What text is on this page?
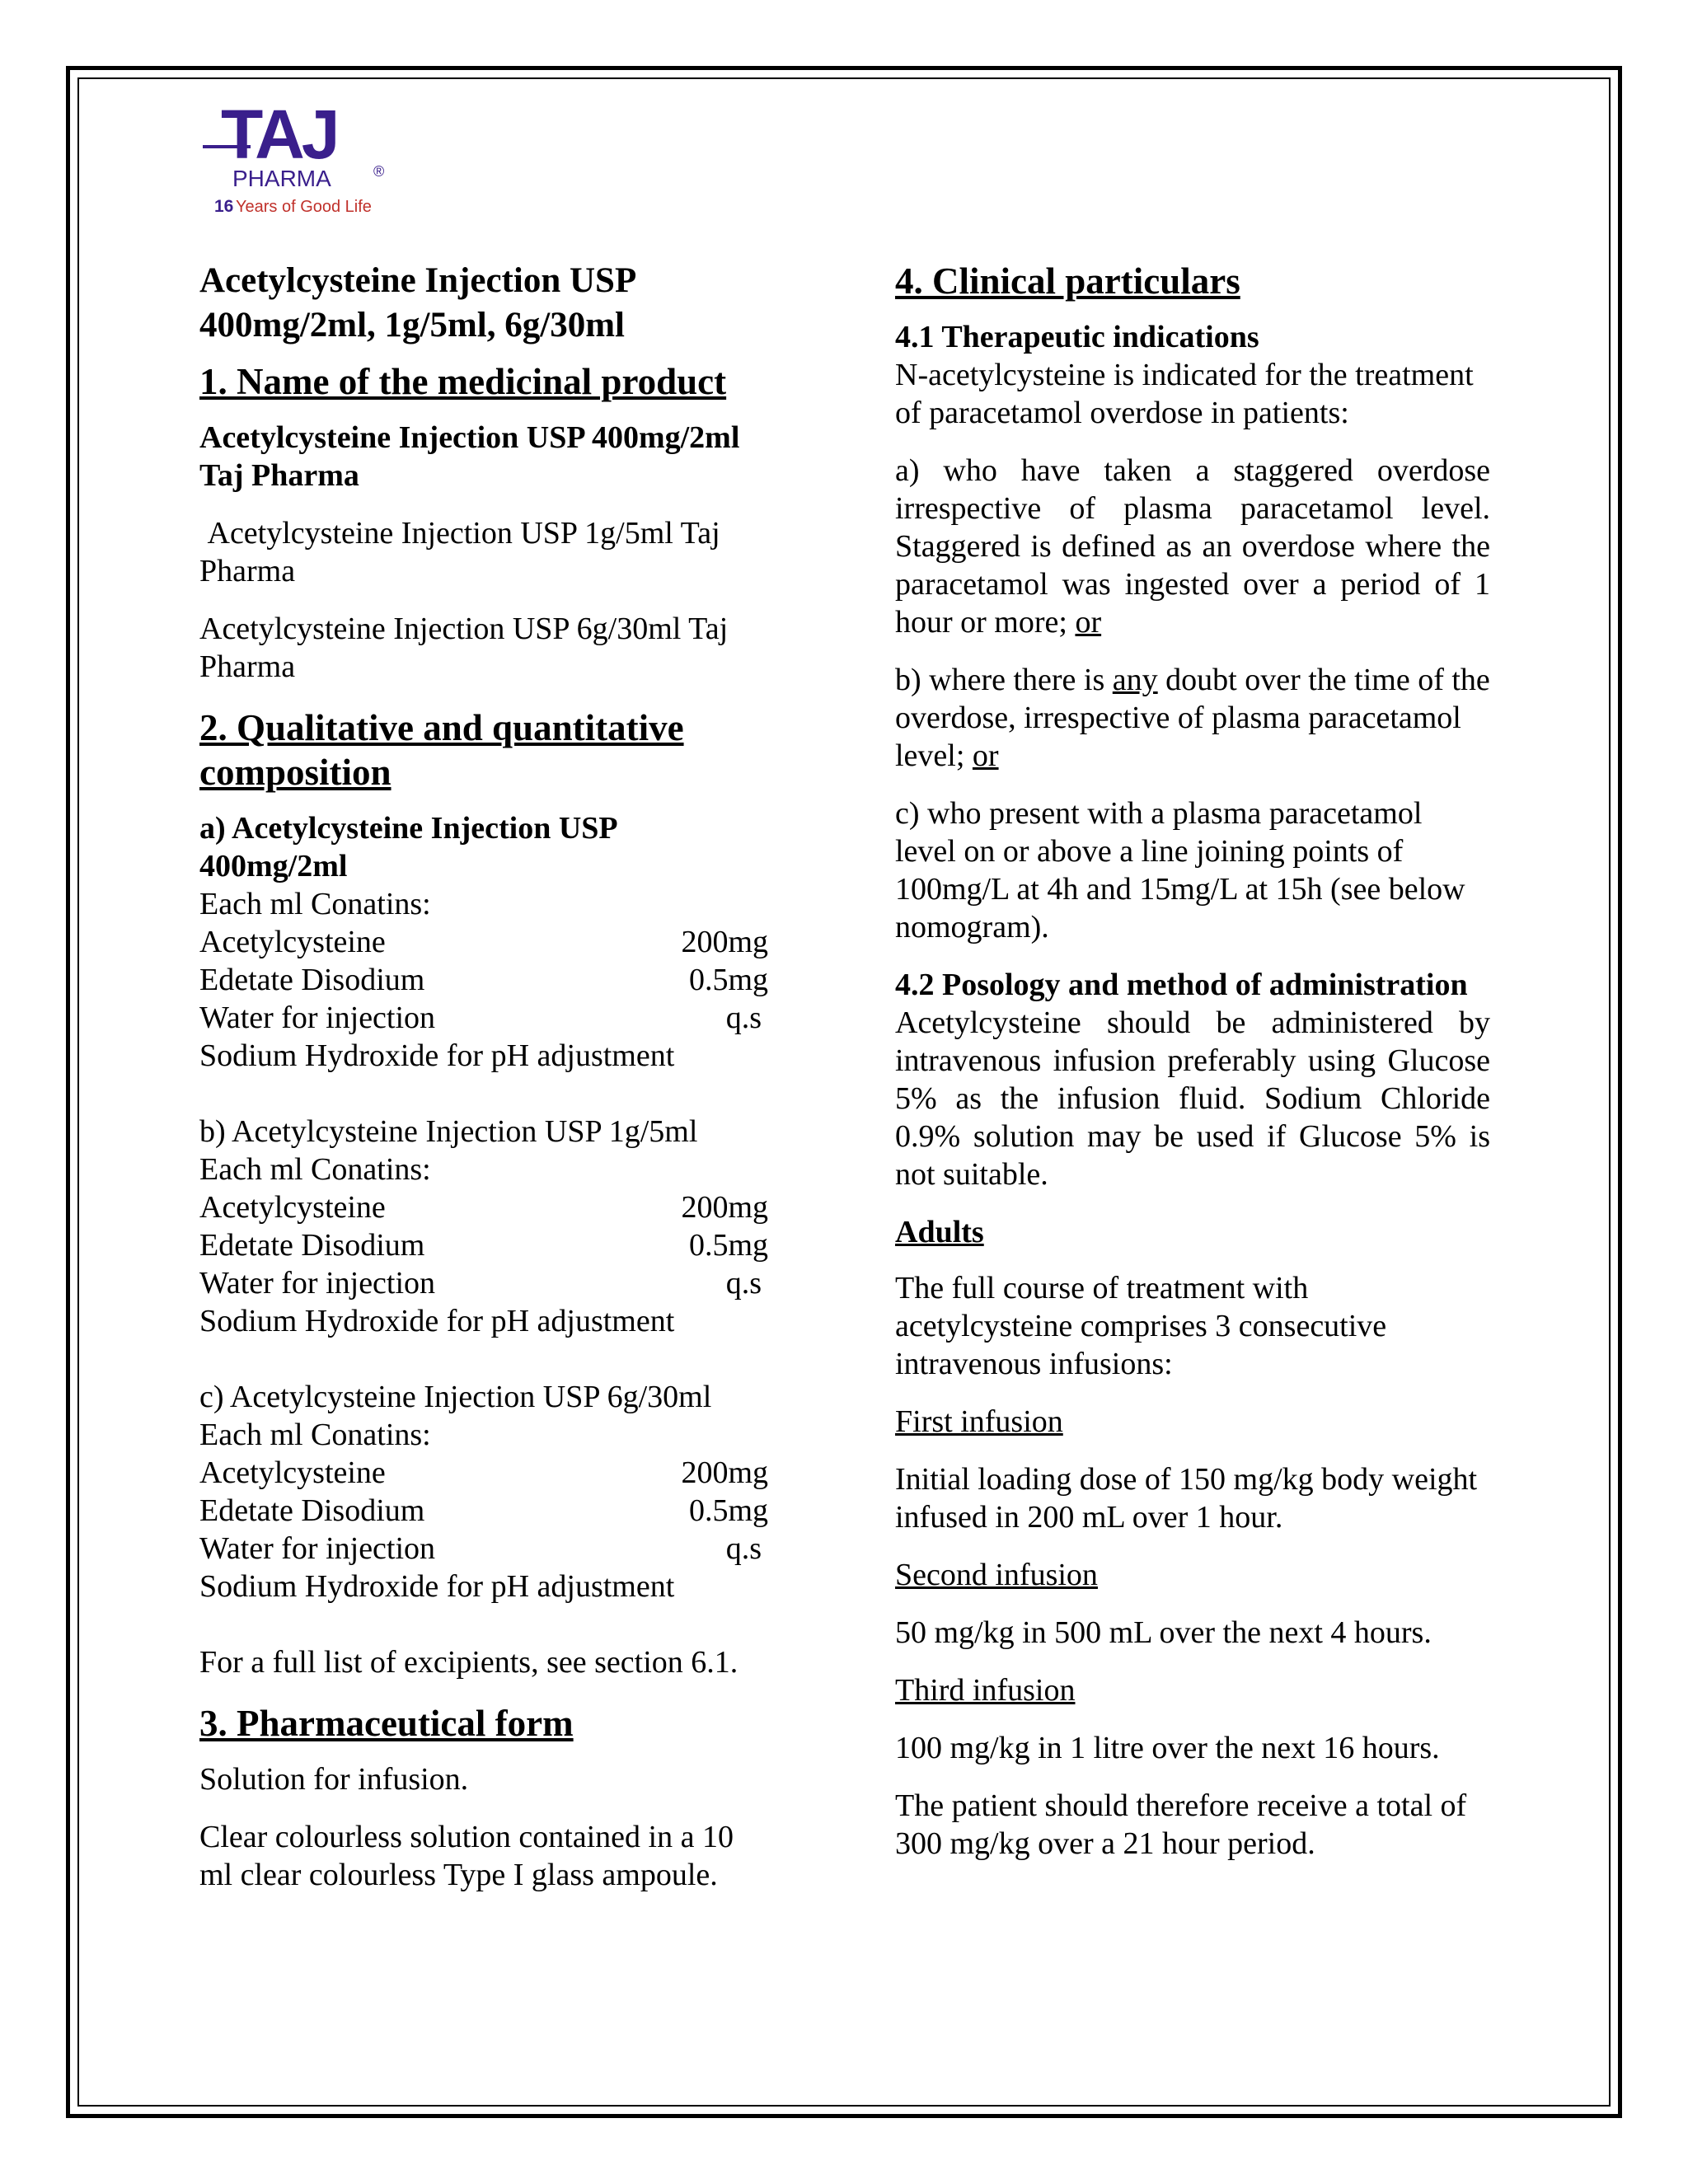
TAJ
PHARMA	®
16 Years of Good Life
Acetylcysteine Injection USP
400mg/2ml, 1g/5ml, 6g/30ml
1. Name of the medicinal product

Acetylcysteine Injection USP 400mg/2ml Taj Pharma

Acetylcysteine Injection USP 1g/5ml Taj Pharma

Acetylcysteine Injection USP 6g/30ml Taj Pharma

2. Qualitative and quantitative composition
a) Acetylcysteine Injection USP 400mg/2ml
Each ml Conatins:
Acetylcysteine	200mg
Edetate Disodium	0.5mg
Water for injection	q.s
Sodium Hydroxide for pH adjustment
b) Acetylcysteine Injection USP 1g/5ml
Each ml Conatins:
Acetylcysteine	200mg
Edetate Disodium	0.5mg
Water for injection	q.s
Sodium Hydroxide for pH adjustment
c) Acetylcysteine Injection USP 6g/30ml
Each ml Conatins:
Acetylcysteine	200mg
Edetate Disodium	0.5mg
Water for injection	q.s
Sodium Hydroxide for pH adjustment

For a full list of excipients, see section 6.1.

3. Pharmaceutical form

Solution for infusion.

Clear colourless solution contained in a 10 ml clear colourless Type I glass ampoule.

4. Clinical particulars
4.1 Therapeutic indications

N-acetylcysteine is indicated for the treatment of paracetamol overdose in patients:

a) who have taken a staggered overdose irrespective of plasma paracetamol level. Staggered is defined as an overdose where the paracetamol was ingested over a period of 1 hour or more; or

b) where there is any doubt over the time of the overdose, irrespective of plasma paracetamol level; or

c) who present with a plasma paracetamol level on or above a line joining points of 100mg/L at 4h and 15mg/L at 15h (see below nomogram).

4.2 Posology and method of administration

Acetylcysteine should be administered by intravenous infusion preferably using Glucose 5% as the infusion fluid. Sodium Chloride 0.9% solution may be used if Glucose 5% is not suitable.

Adults

The full course of treatment with acetylcysteine comprises 3 consecutive intravenous infusions:

First infusion

Initial loading dose of 150 mg/kg body weight infused in 200 mL over 1 hour.

Second infusion

50 mg/kg in 500 mL over the next 4 hours.

Third infusion

100 mg/kg in 1 litre over the next 16 hours.

The patient should therefore receive a total of 300 mg/kg over a 21 hour period.
